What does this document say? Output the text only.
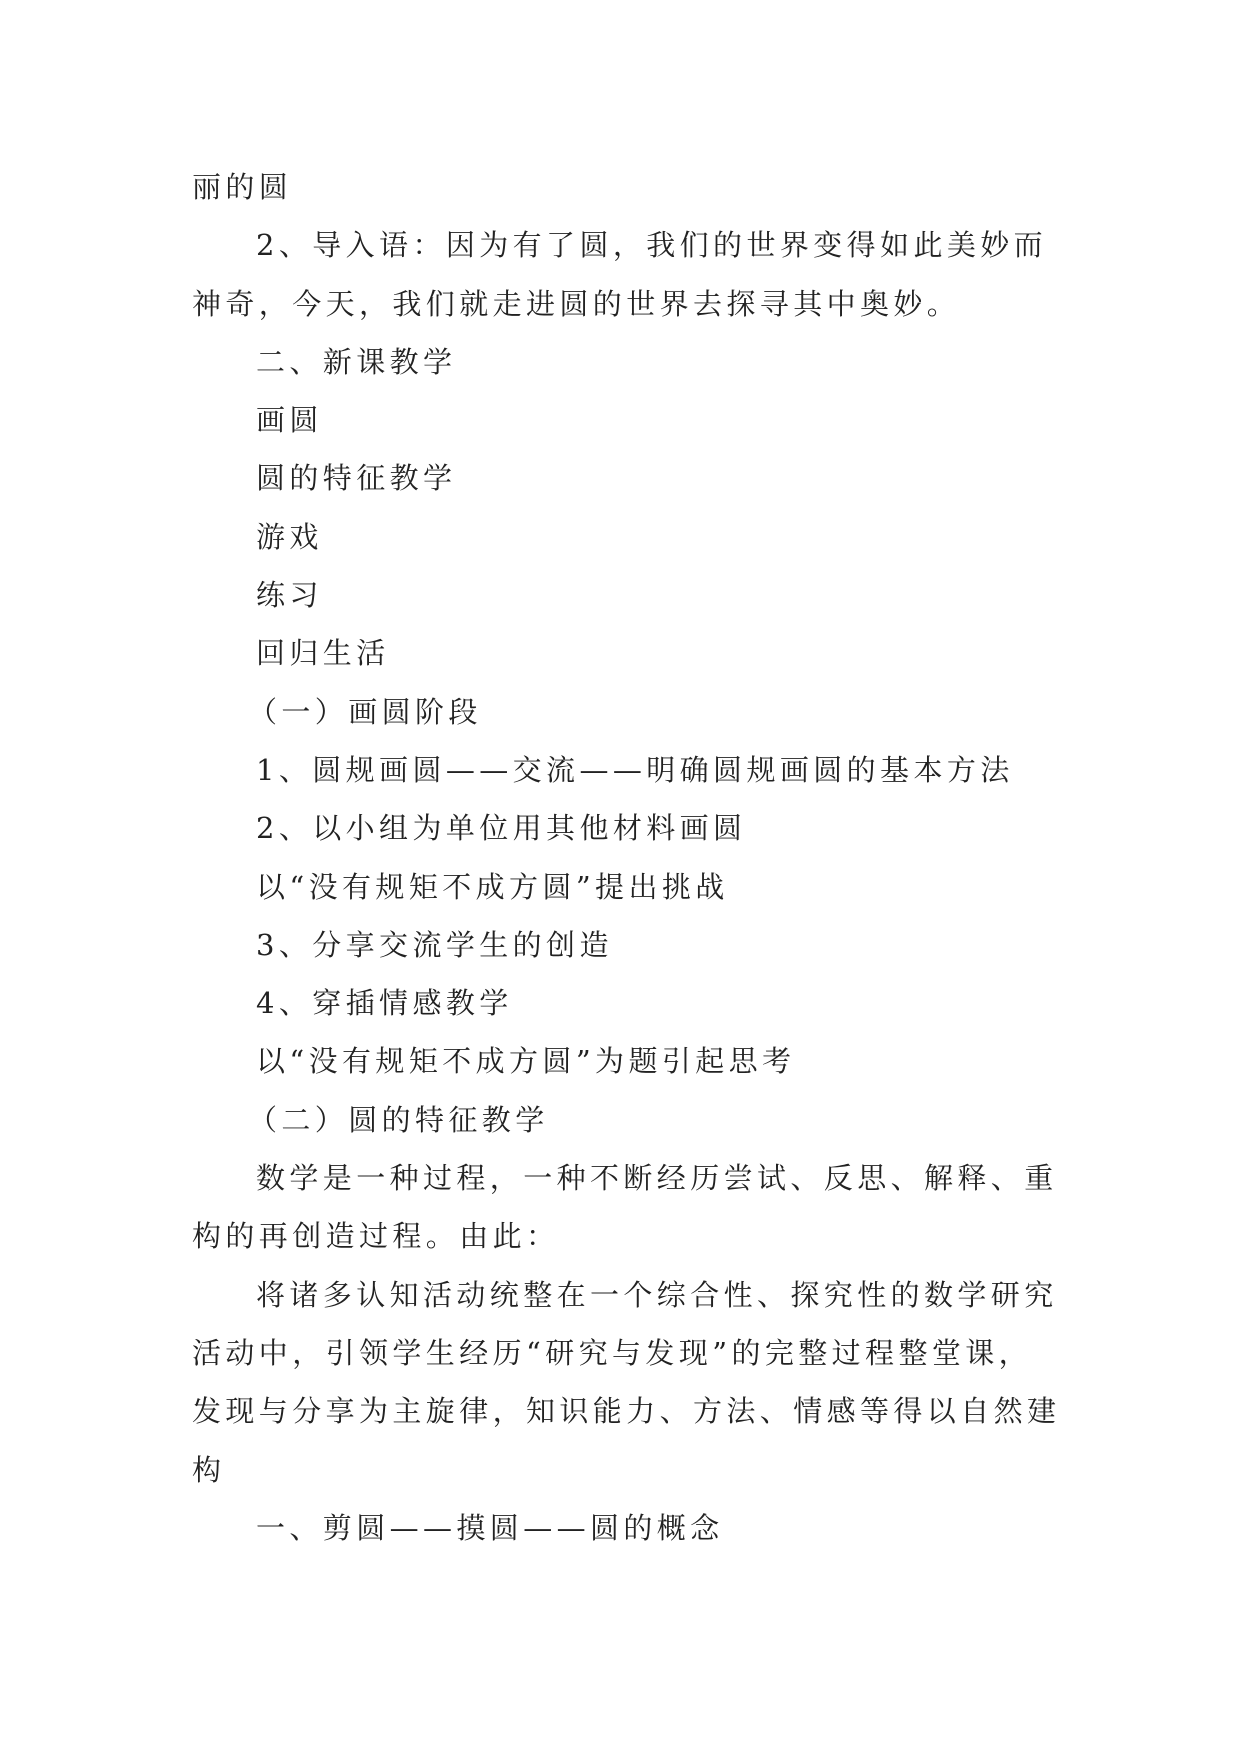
丽的圆
2、导入语：因为有了圆，我们的世界变得如此美妙而
神奇，今天，我们就走进圆的世界去探寻其中奥妙。
二、新课教学
画圆
圆的特征教学
游戏
练习
回归生活
（一）画圆阶段
1、圆规画圆——交流——明确圆规画圆的基本方法
2、以小组为单位用其他材料画圆
以“没有规矩不成方圆”提出挑战
3、分享交流学生的创造
4、穿插情感教学
以“没有规矩不成方圆”为题引起思考
（二）圆的特征教学
数学是一种过程，一种不断经历尝试、反思、解释、重
构的再创造过程。由此：
将诸多认知活动统整在一个综合性、探究性的数学研究
活动中，引领学生经历“研究与发现”的完整过程整堂课，
发现与分享为主旋律，知识能力、方法、情感等得以自然建
构
一、剪圆——摸圆——圆的概念
